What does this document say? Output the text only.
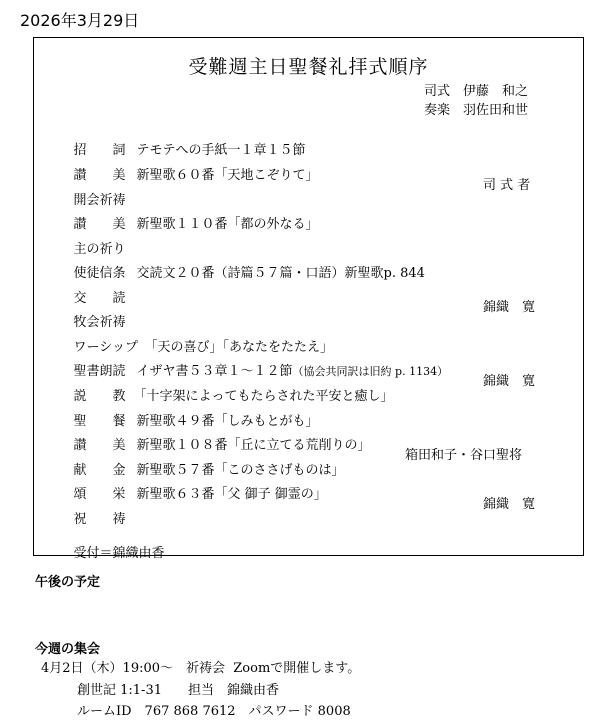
2026年3月29日
受難週主日聖餐礼拝式順序
司式　伊藤　和之
奏楽　羽佐田和世

招　　詞 テモテへの手紙一１章１５節

讃　　美 新聖歌６０番「天地こぞりて」

開会祈祷

司 式 者

讃　　美 新聖歌１１０番「都の外なる」

主の祈り

使徒信条 交読文２０番（詩篇５７篇・口語）新聖歌p. 844

交　　読

牧会祈祷

錦織　寛

ワーシップ　「天の喜び」「あなたをたたえ」

聖書朗読 イザヤ書５３章１～１２節（協会共同訳は旧約 p. 1134）

説　　教 「十字架によってもたらされた平安と癒し」

錦織　寛

聖　　餐 新聖歌４９番「しみもとがも」

讃　　美 新聖歌１０８番「丘に立てる荒削りの」

献　　金 新聖歌５７番「このささげものは」

箱田和子・谷口聖将

頌　　栄 新聖歌６３番「父 御子 御霊の」

祝　　祷

錦織　寛

受付＝錦織由香

午後の予定
今週の集会
4月2日（木）19:00～　祈祷会  Zoomで開催します。
創世記 1:1-31　　担当　錦織由香
ルームID　767 868 7612　パスワード 8008
